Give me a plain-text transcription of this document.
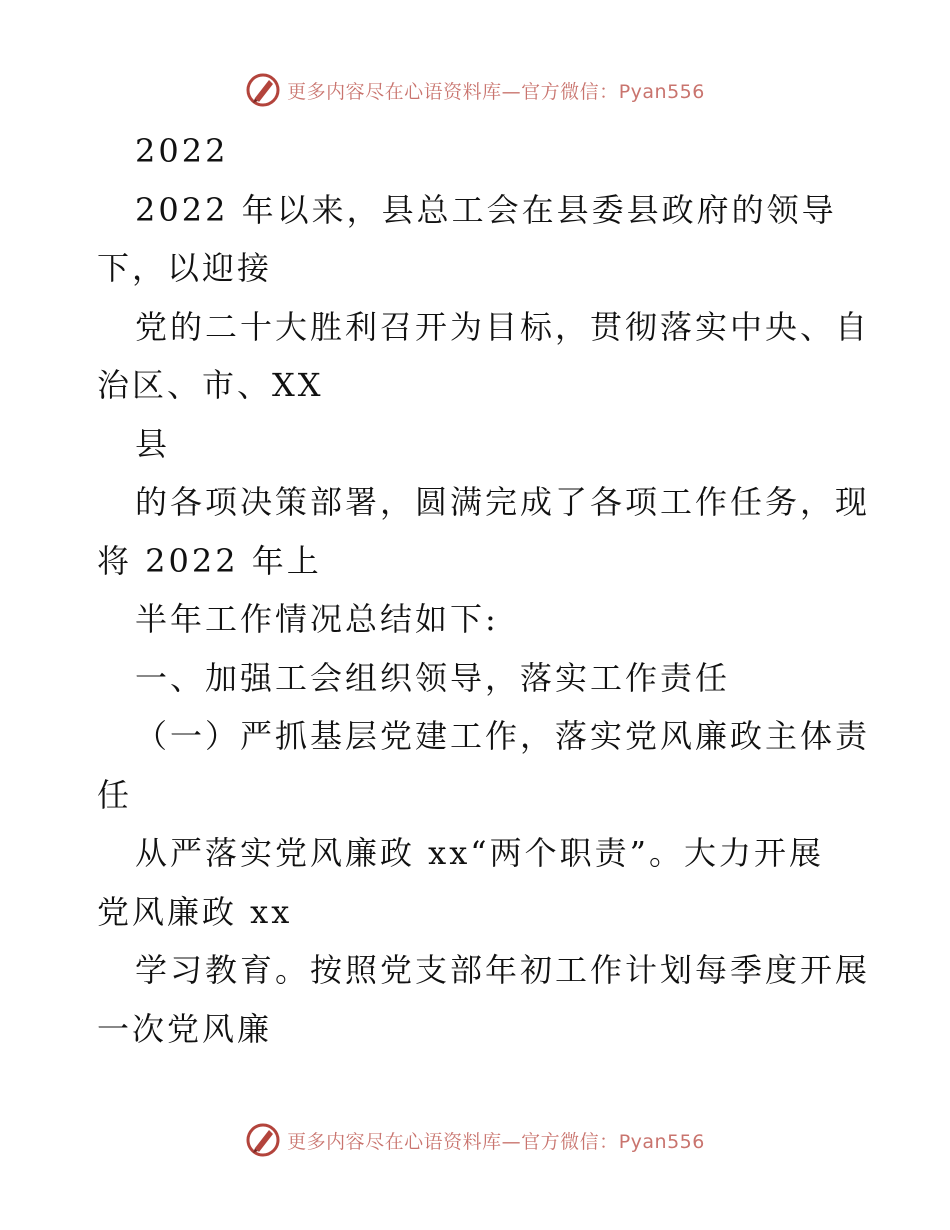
更多内容尽在心语资料库—官方微信：Pyan556
2022
2022 年以来，县总工会在县委县政府的领导
下，以迎接
党的二十大胜利召开为目标，贯彻落实中央、自
治区、市、XX
县
的各项决策部署，圆满完成了各项工作任务，现
将 2022 年上
半年工作情况总结如下:
一、加强工会组织领导，落实工作责任
（一）严抓基层党建工作，落实党风廉政主体责
任
从严落实党风廉政 xx“两个职责”。大力开展
党风廉政 xx
学习教育。按照党支部年初工作计划每季度开展
一次党风廉
更多内容尽在心语资料库—官方微信：Pyan556
